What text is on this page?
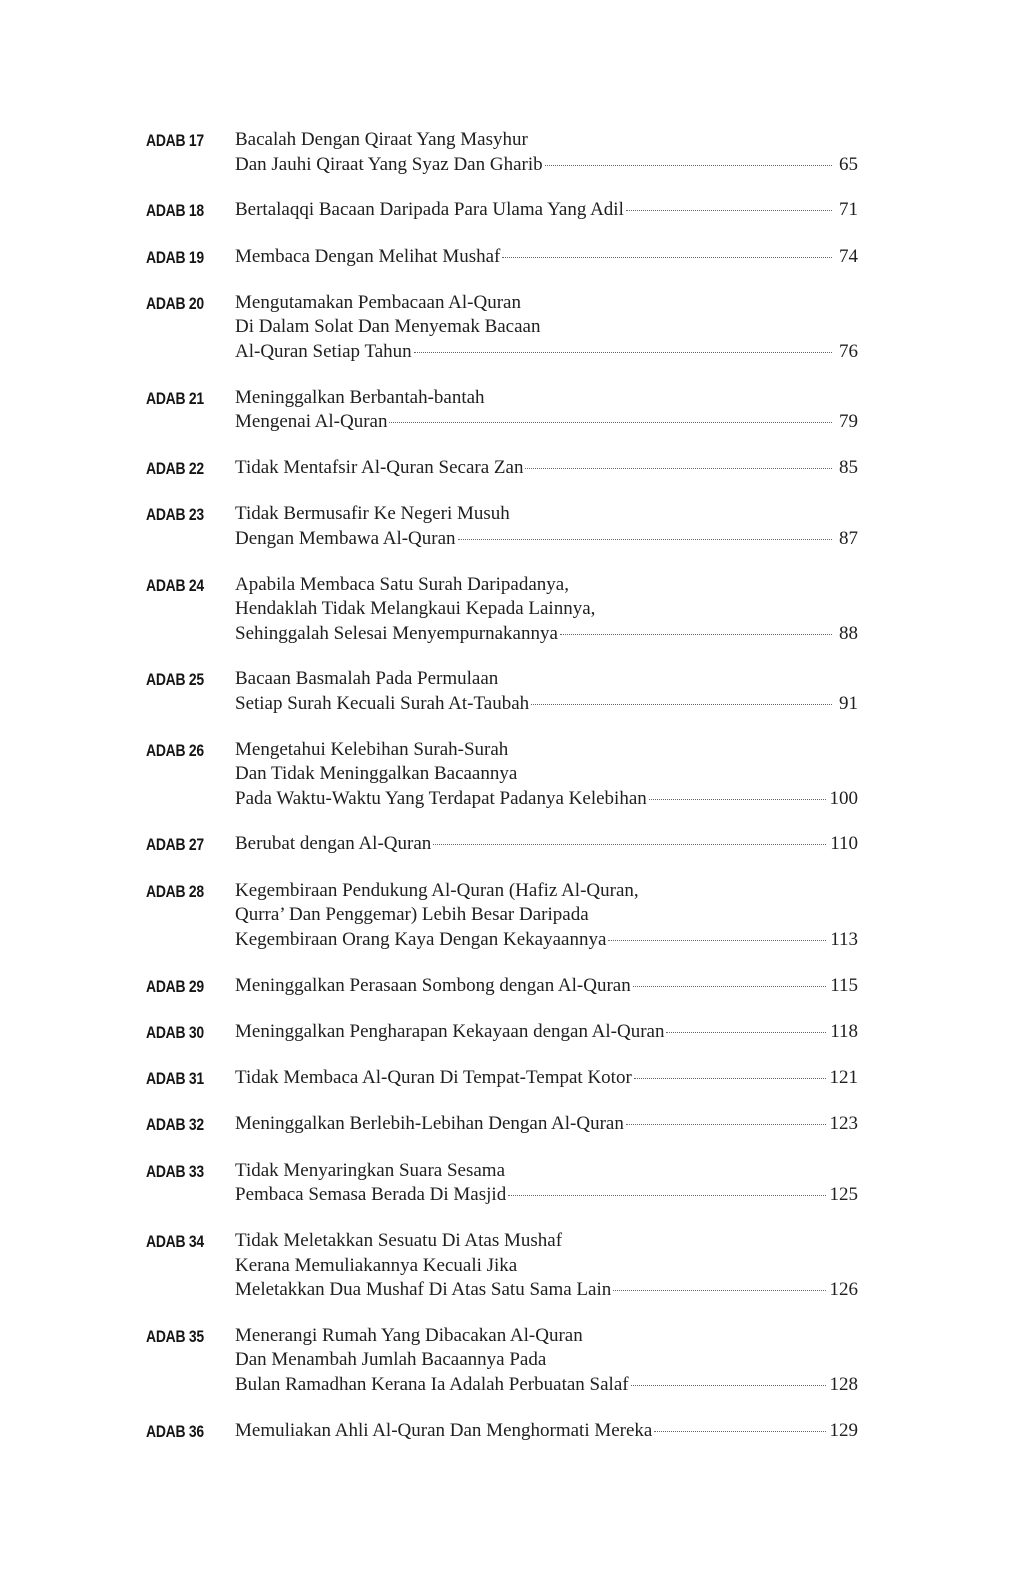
ADAB 17	Bacalah Dengan Qiraat Yang Masyhur
Dan Jauhi Qiraat Yang Syaz Dan Gharib	65
ADAB 18	Bertalaqqi Bacaan Daripada Para Ulama Yang Adil	71
ADAB 19	Membaca Dengan Melihat Mushaf	74
ADAB 20	Mengutamakan Pembacaan Al-Quran
Di Dalam Solat Dan Menyemak Bacaan
Al-Quran Setiap Tahun	76
ADAB 21	Meninggalkan Berbantah-bantah
Mengenai Al-Quran	79
ADAB 22	Tidak Mentafsir Al-Quran Secara Zan	85
ADAB 23	Tidak Bermusafir Ke Negeri Musuh
Dengan Membawa Al-Quran	87
ADAB 24	Apabila Membaca Satu Surah Daripadanya,
Hendaklah Tidak Melangkaui Kepada Lainnya,
Sehinggalah Selesai Menyempurnakannya	88
ADAB 25	Bacaan Basmalah Pada Permulaan
Setiap Surah Kecuali Surah At-Taubah	91
ADAB 26	Mengetahui Kelebihan Surah-Surah
Dan Tidak Meninggalkan Bacaannya
Pada Waktu-Waktu Yang Terdapat Padanya Kelebihan	100
ADAB 27	Berubat dengan Al-Quran	110
ADAB 28	Kegembiraan Pendukung Al-Quran (Hafiz Al-Quran,
Qurra’ Dan Penggemar) Lebih Besar Daripada
Kegembiraan Orang Kaya Dengan Kekayaannya	113
ADAB 29	Meninggalkan Perasaan Sombong dengan Al-Quran	115
ADAB 30	Meninggalkan Pengharapan Kekayaan dengan Al-Quran	118
ADAB 31	Tidak Membaca Al-Quran Di Tempat-Tempat Kotor	121
ADAB 32	Meninggalkan Berlebih-Lebihan Dengan Al-Quran	123
ADAB 33	Tidak Menyaringkan Suara Sesama
Pembaca Semasa Berada Di Masjid	125
ADAB 34	Tidak Meletakkan Sesuatu Di Atas Mushaf
Kerana Memuliakannya Kecuali Jika
Meletakkan Dua Mushaf Di Atas Satu Sama Lain	126
ADAB 35	Menerangi Rumah Yang Dibacakan Al-Quran
Dan Menambah Jumlah Bacaannya Pada
Bulan Ramadhan Kerana Ia Adalah Perbuatan Salaf	128
ADAB 36	Memuliakan Ahli Al-Quran Dan Menghormati Mereka	129
